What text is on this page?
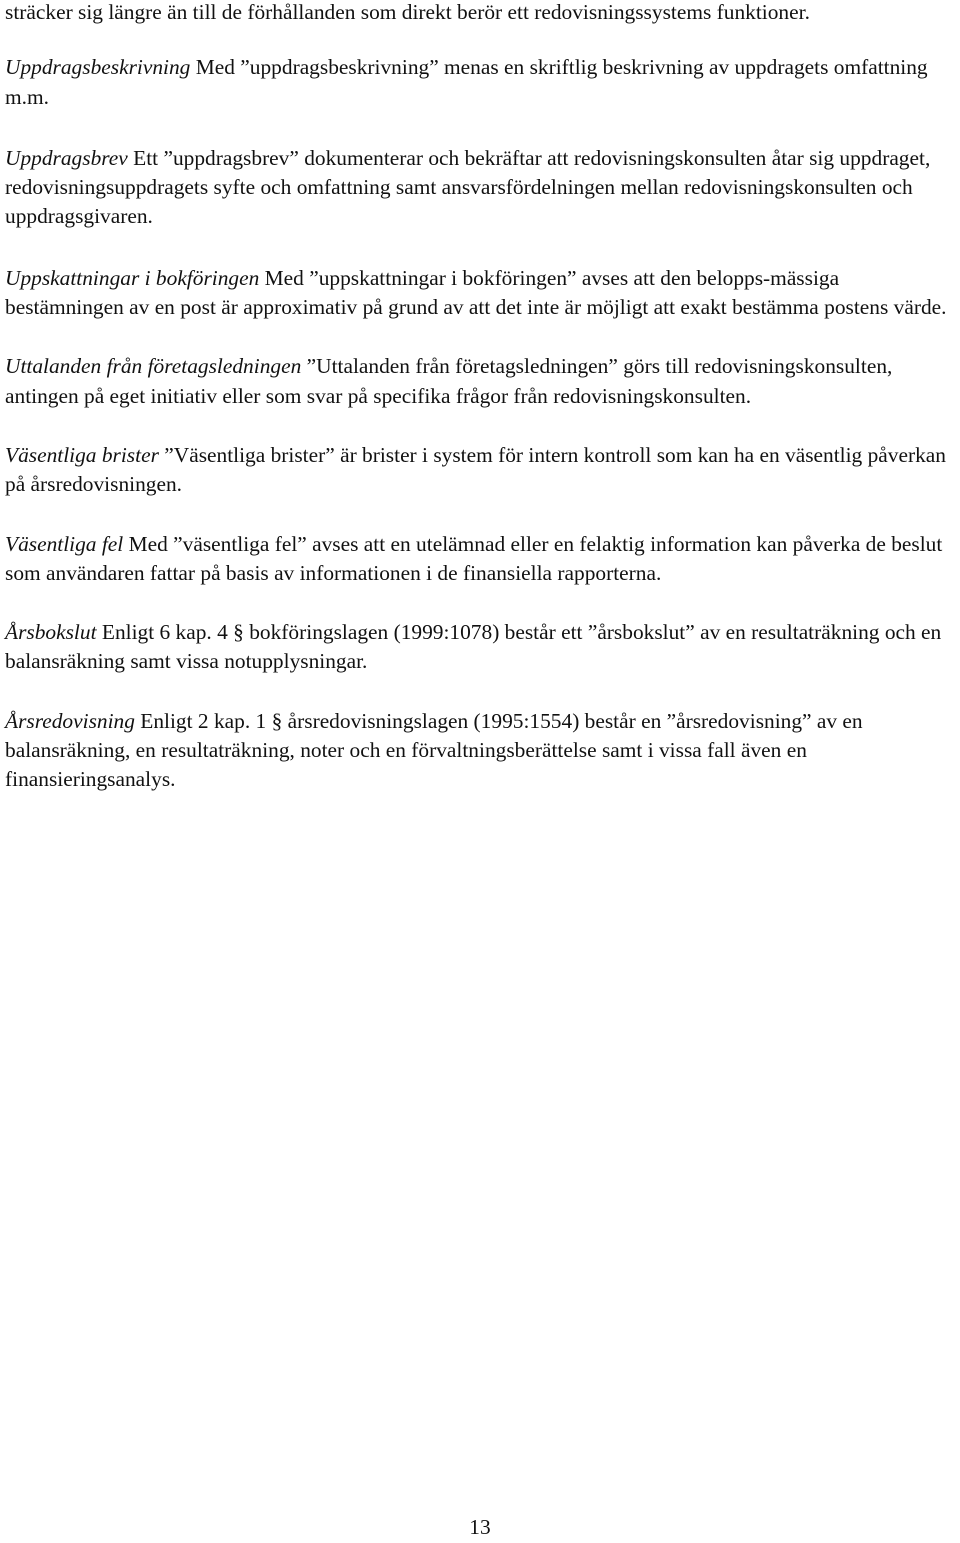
sträcker sig längre än till de förhållanden som direkt berör ett redovisningssystems funktioner.

Uppdragsbeskrivning Med ”uppdragsbeskrivning” menas en skriftlig beskrivning av uppdragets omfattning m.m.

Uppdragsbrev Ett ”uppdragsbrev” dokumenterar och bekräftar att redovisningskonsulten åtar sig uppdraget, redovisningsuppdragets syfte och omfattning samt ansvarsfördelningen mellan redovisningskonsulten och uppdragsgivaren.

Uppskattningar i bokföringen Med ”uppskattningar i bokföringen” avses att den belopps-mässiga bestämningen av en post är approximativ på grund av att det inte är möjligt att exakt bestämma postens värde.

Uttalanden från företagsledningen ”Uttalanden från företagsledningen” görs till redovisningskonsulten, antingen på eget initiativ eller som svar på specifika frågor från redovisningskonsulten.

Väsentliga brister ”Väsentliga brister” är brister i system för intern kontroll som kan ha en väsentlig påverkan på årsredovisningen.

Väsentliga fel Med ”väsentliga fel” avses att en utelämnad eller en felaktig information kan påverka de beslut som användaren fattar på basis av informationen i de finansiella rapporterna.

Årsbokslut Enligt 6 kap. 4 § bokföringslagen (1999:1078) består ett ”årsbokslut” av en resultaträkning och en balansräkning samt vissa notupplysningar.

Årsredovisning Enligt 2 kap. 1 § årsredovisningslagen (1995:1554) består en ”årsredovisning” av en balansräkning, en resultaträkning, noter och en förvaltningsberättelse samt i vissa fall även en finansieringsanalys.

13
